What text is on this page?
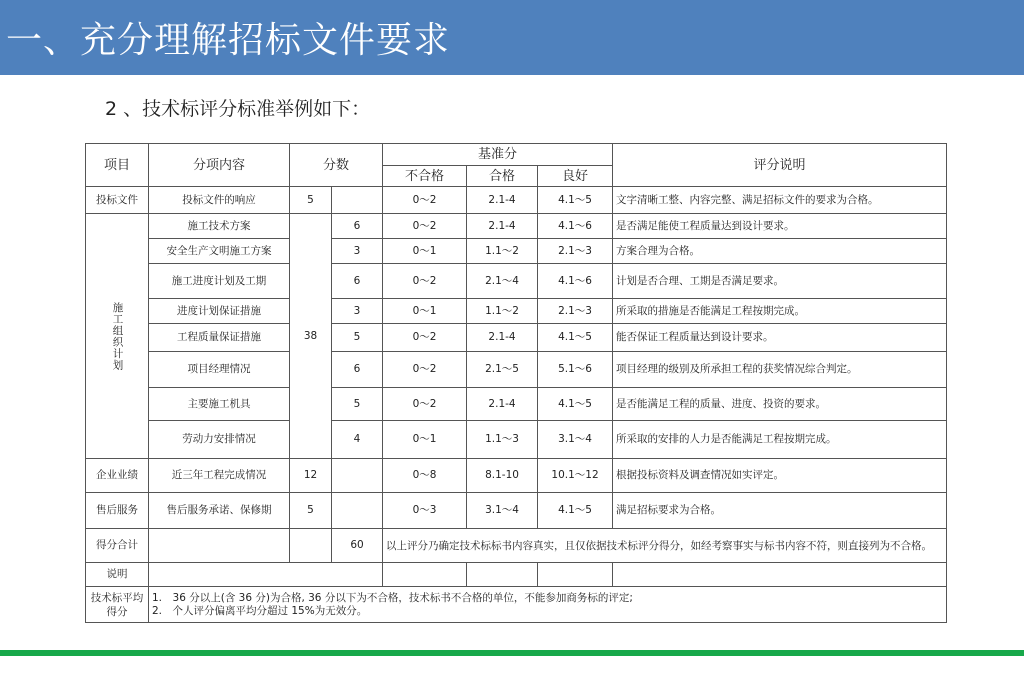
一、充分理解招标文件要求
2 、技术标评分标准举例如下：
项目	分项内容	分数		基准分			评分说明
				不合格	合格	良好	
投标文件	投标文件的响应	5		0～2	2.1-4	4.1～5	文字清晰工整、内容完整、满足招标文件的要求为合格。

施工组织计划	施工技术方案	38	6	0～2	2.1-4	4.1～6	是否满足能使工程质量达到设计要求。
	安全生产文明施工方案		3	0～1	1.1～2	2.1～3	方案合理为合格。
	施工进度计划及工期		6	0～2	2.1～4	4.1～6	计划是否合理、工期是否满足要求。
	进度计划保证措施		3	0～1	1.1～2	2.1～3	所采取的措施是否能满足工程按期完成。
	工程质量保证措施		5	0～2	2.1-4	4.1～5	能否保证工程质量达到设计要求。
	项目经理情况		6	0～2	2.1～5	5.1～6	项目经理的级别及所承担工程的获奖情况综合判定。
	主要施工机具		5	0～2	2.1-4	4.1～5	是否能满足工程的质量、进度、投资的要求。
	劳动力安排情况		4	0～1	1.1～3	3.1～4	所采取的安排的人力是否能满足工程按期完成。
企业业绩	近三年工程完成情况	12		0～8	8.1-10	10.1～12	根据投标资料及调查情况如实评定。
售后服务	售后服务承诺、保修期	5		0～3	3.1～4	4.1～5	满足招标要求为合格。
得分合计			60	以上评分乃确定技术标标书内容真实，且仅依据技术标评分得分，如经考察事实与标书内容不符，则直接列为不合格。			
说明							
技术标平均得分	1.　36 分以上(含 36 分)为合格, 36 分以下为不合格，技术标书不合格的单位，不能参加商务标的评定;
2.　个人评分偏离平均分超过 15%为无效分。						
